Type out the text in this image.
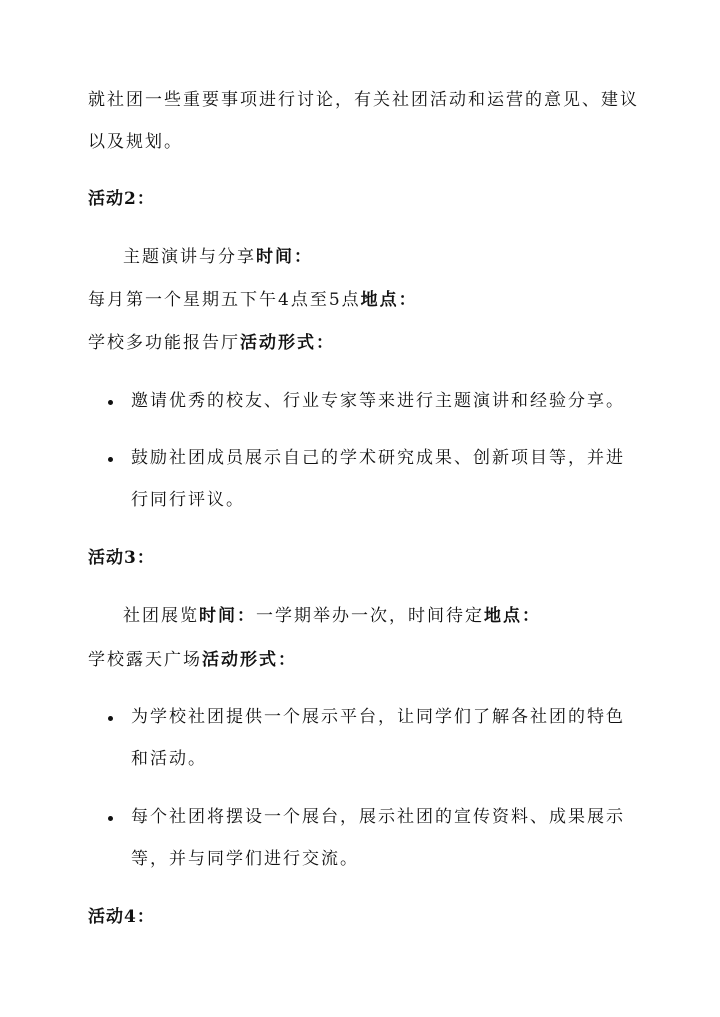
就社团一些重要事项进行讨论，有关社团活动和运营的意见、建议
以及规划。
活动2：
主题演讲与分享时间：
每月第一个星期五下午4点至5点地点：
学校多功能报告厅活动形式：
邀请优秀的校友、行业专家等来进行主题演讲和经验分享。
鼓励社团成员展示自己的学术研究成果、创新项目等，并进
行同行评议。
活动3：
社团展览时间：一学期举办一次，时间待定地点：
学校露天广场活动形式：
为学校社团提供一个展示平台，让同学们了解各社团的特色
和活动。
每个社团将摆设一个展台，展示社团的宣传资料、成果展示
等，并与同学们进行交流。
活动4：
